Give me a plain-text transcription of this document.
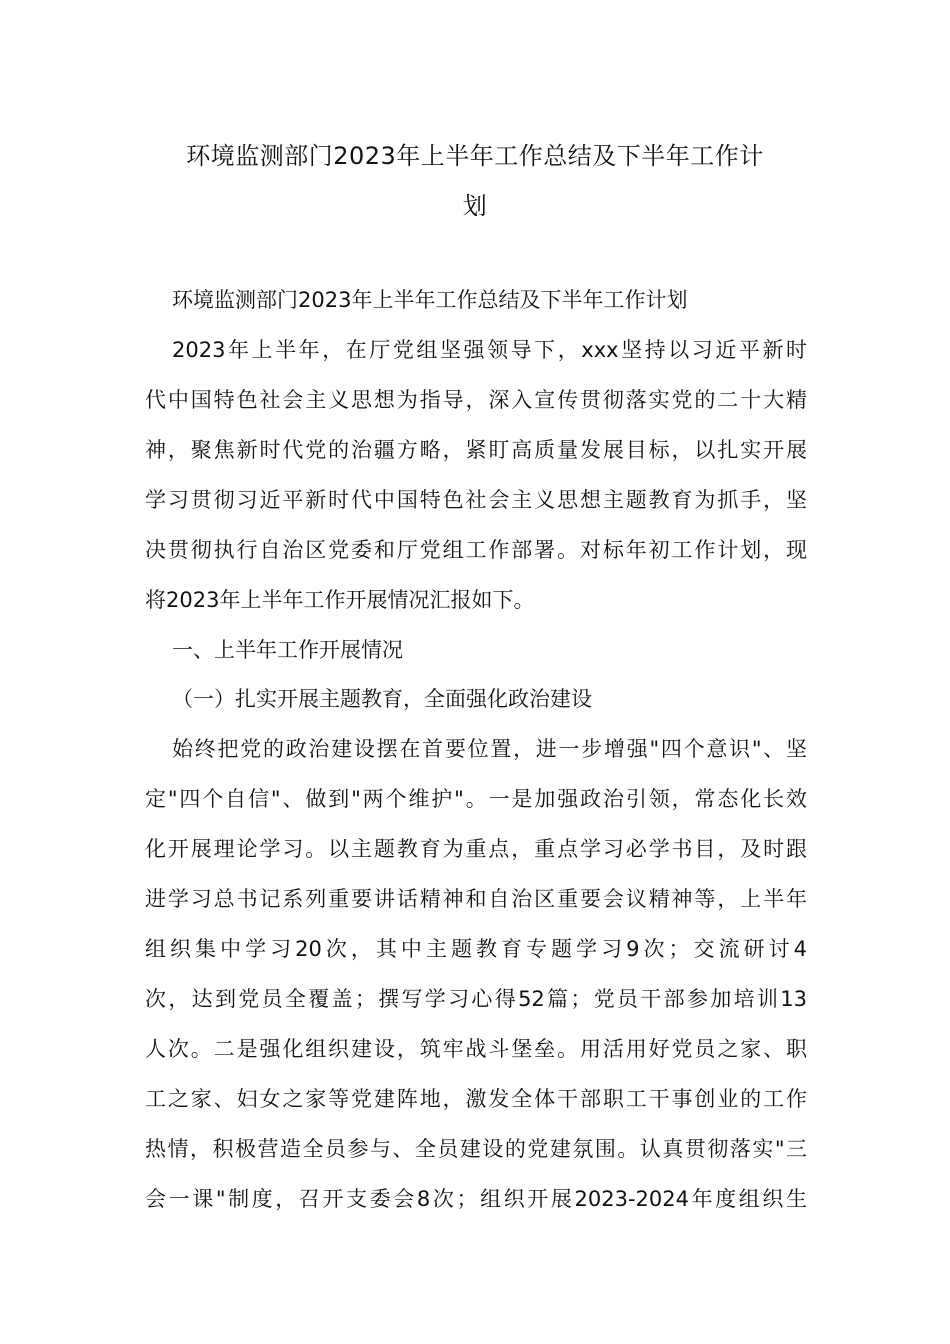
环境监测部门2023年上半年工作总结及下半年工作计
划

环境监测部门2023年上半年工作总结及下半年工作计划

2023年上半年，在厅党组坚强领导下，xxx坚持以习近平新时

代中国特色社会主义思想为指导，深入宣传贯彻落实党的二十大精

神，聚焦新时代党的治疆方略，紧盯高质量发展目标，以扎实开展

学习贯彻习近平新时代中国特色社会主义思想主题教育为抓手，坚

决贯彻执行自治区党委和厅党组工作部署。对标年初工作计划，现

将2023年上半年工作开展情况汇报如下。

一、上半年工作开展情况

（一）扎实开展主题教育，全面强化政治建设

始终把党的政治建设摆在首要位置，进一步增强"四个意识"、坚

定"四个自信"、做到"两个维护"。一是加强政治引领，常态化长效

化开展理论学习。以主题教育为重点，重点学习必学书目，及时跟

进学习总书记系列重要讲话精神和自治区重要会议精神等，上半年

组织集中学习20次，其中主题教育专题学习9次；交流研讨4

次，达到党员全覆盖；撰写学习心得52篇；党员干部参加培训13

人次。二是强化组织建设，筑牢战斗堡垒。用活用好党员之家、职

工之家、妇女之家等党建阵地，激发全体干部职工干事创业的工作

热情，积极营造全员参与、全员建设的党建氛围。认真贯彻落实"三

会一课"制度，召开支委会8次；组织开展2023-2024年度组织生
